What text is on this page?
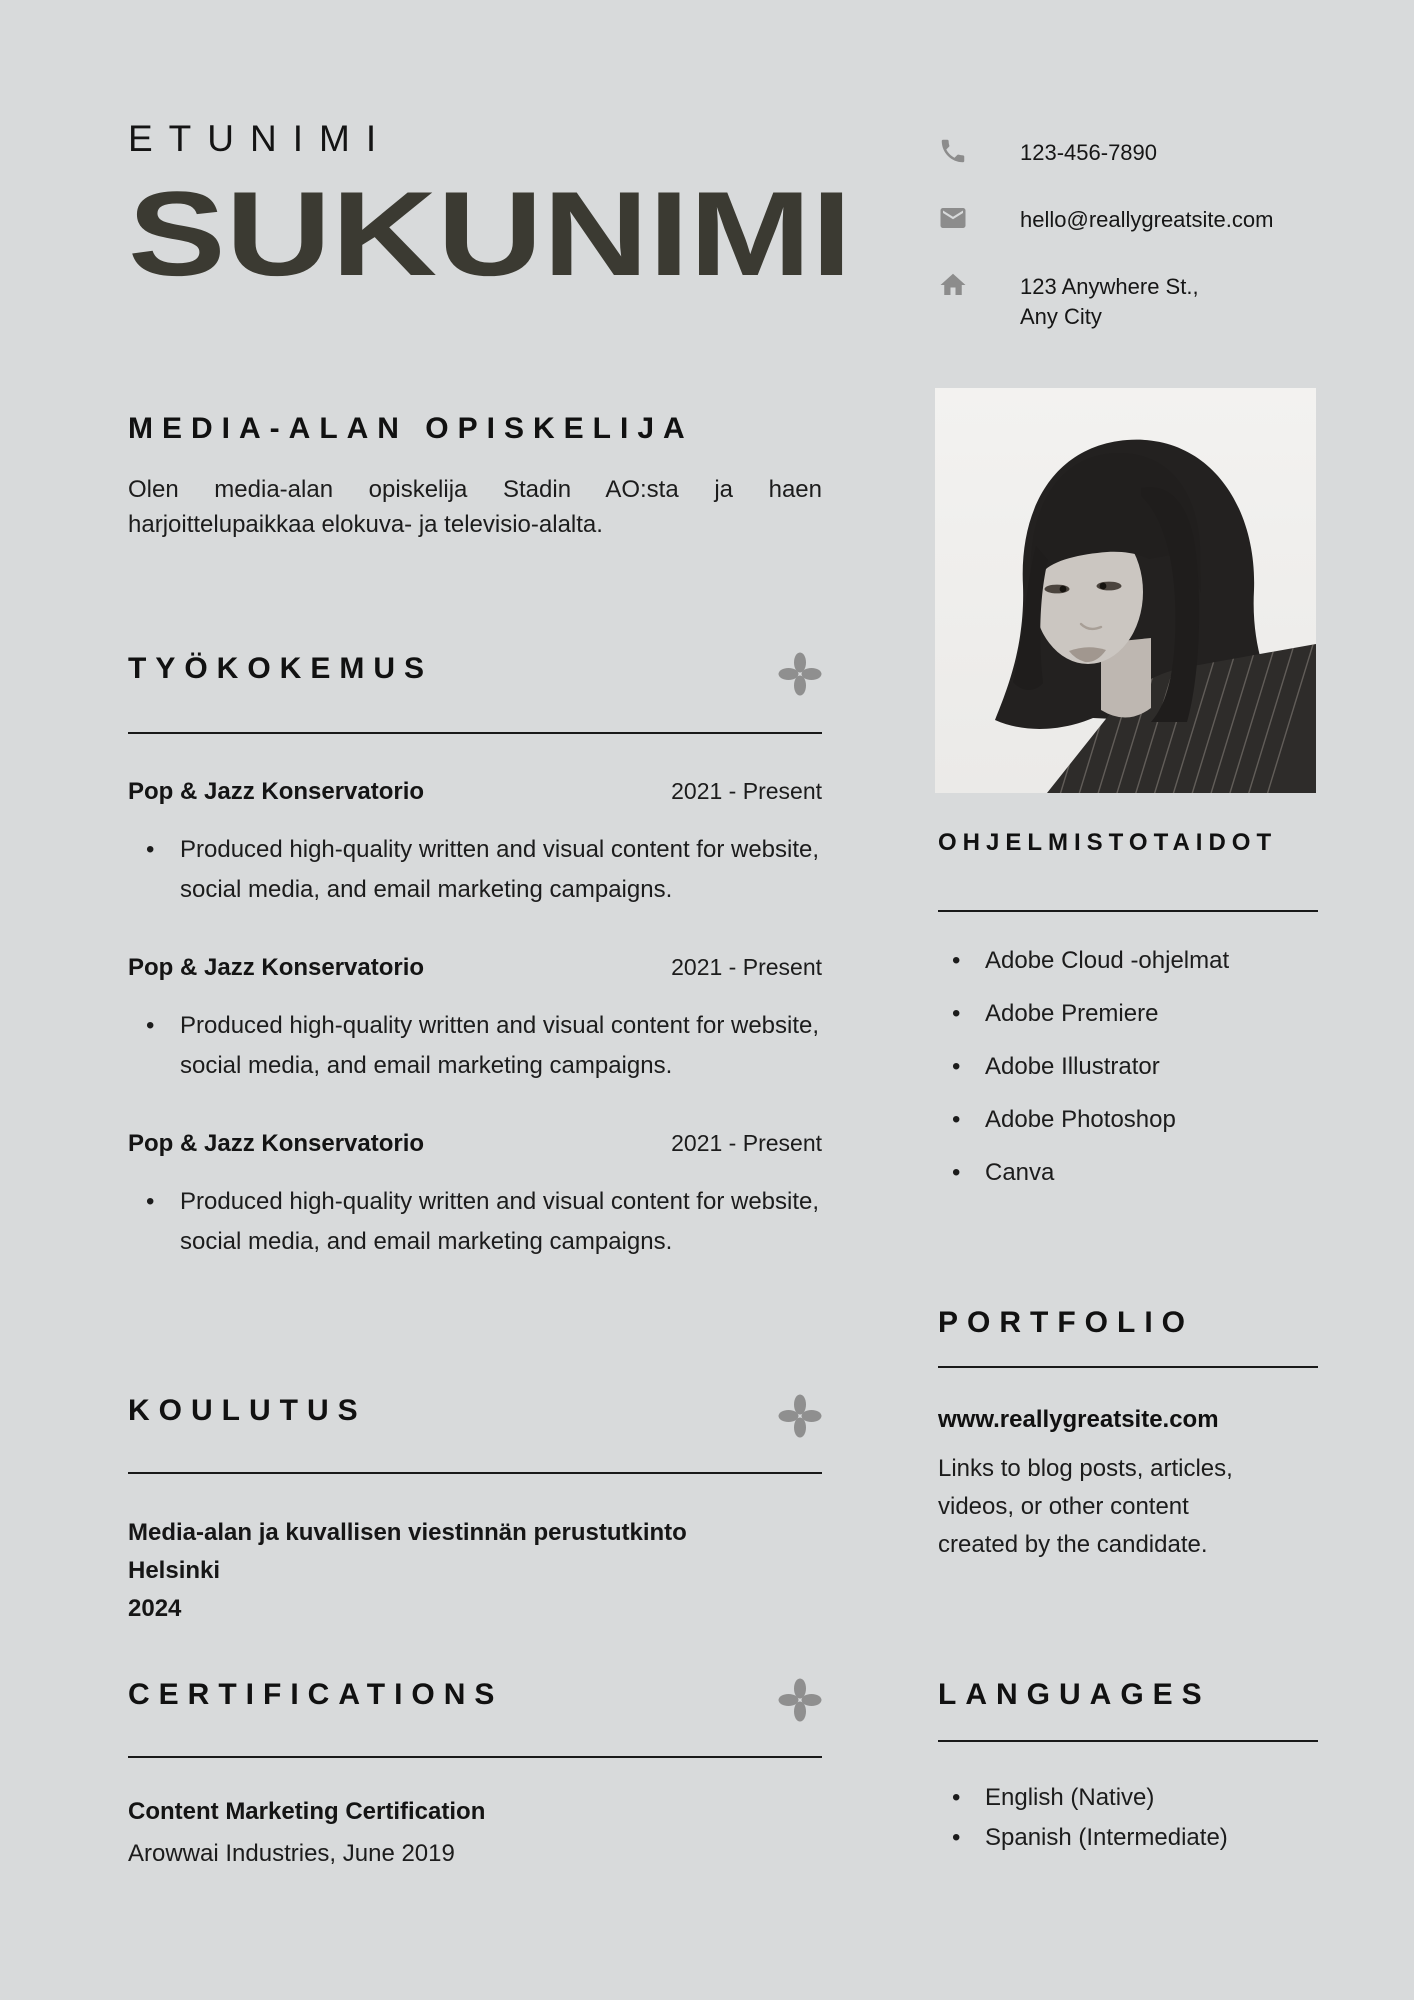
ETUNIMI
SUKUNIMI
123-456-7890
hello@reallygreatsite.com
123 Anywhere St.,
Any City
MEDIA-ALAN OPISKELIJA

Olen media-alan opiskelija Stadin AO:sta ja haen harjoittelupaikkaa elokuva- ja televisio-alalta.

TYÖKOKEMUS
Pop & Jazz Konservatorio	2021 - Present
• Produced high-quality written and visual content for website, social media, and email marketing campaigns.
Pop & Jazz Konservatorio	2021 - Present
• Produced high-quality written and visual content for website, social media, and email marketing campaigns.
Pop & Jazz Konservatorio	2021 - Present
• Produced high-quality written and visual content for website, social media, and email marketing campaigns.
KOULUTUS
Media-alan ja kuvallisen viestinnän perustutkinto
Helsinki
2024
CERTIFICATIONS
Content Marketing Certification
Arowwai Industries, June 2019
OHJELMISTOTAIDOT
• Adobe Cloud -ohjelmat
• Adobe Premiere
• Adobe Illustrator
• Adobe Photoshop
• Canva
PORTFOLIO
www.reallygreatsite.com
Links to blog posts, articles, videos, or other content created by the candidate.
LANGUAGES
• English (Native)
• Spanish (Intermediate)
